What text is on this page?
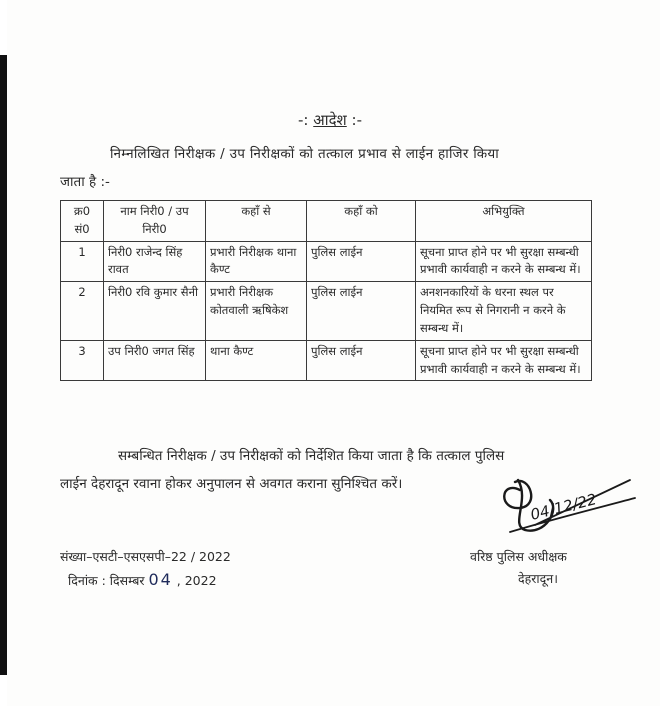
-: आदेश :-
निम्नलिखित निरीक्षक / उप निरीक्षकों को तत्काल प्रभाव से लाईन हाजिर किया
जाता है :-
क्र0 सं0	नाम निरी0 / उप निरी0	कहाँ से	कहाँ को	अभियुक्ति
1	निरी0 राजेन्द सिंह रावत	प्रभारी निरीक्षक थाना कैण्ट	पुलिस लाईन	सूचना प्राप्त होने पर भी सुरक्षा सम्बन्धी प्रभावी कार्यवाही न करने के सम्बन्ध में।
2	निरी0 रवि कुमार सैनी	प्रभारी निरीक्षक कोतवाली ऋषिकेश	पुलिस लाईन	अनशनकारियों के धरना स्थल पर नियमित रूप से निगरानी न करने के सम्बन्ध में।
3	उप निरी0 जगत सिंह	थाना कैण्ट	पुलिस लाईन	सूचना प्राप्त होने पर भी सुरक्षा सम्बन्धी प्रभावी कार्यवाही न करने के सम्बन्ध में।
सम्बन्धित निरीक्षक / उप निरीक्षकों को निर्देशित किया जाता है कि तत्काल पुलिस
लाईन देहरादून रवाना होकर अनुपालन से अवगत कराना सुनिश्चित करें।
संख्या–एसटी–एसएसपी–22 / 2022
दिनांक : दिसम्बर 04 , 2022
04/12/22
वरिष्ठ पुलिस अधीक्षक
देहरादून।
